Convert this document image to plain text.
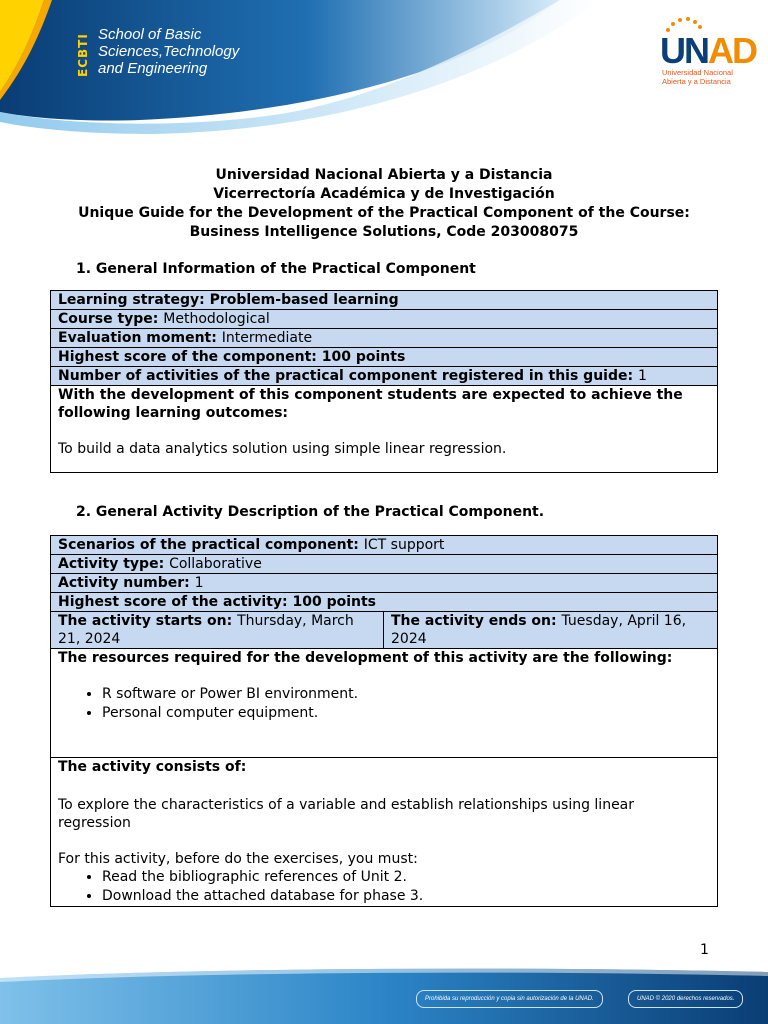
ECBTI School of Basic
Sciences,Technology
and Engineering	UNAD
Universidad Nacional
Abierta y a Distancia
Universidad Nacional Abierta y a Distancia
Vicerrectoría Académica y de Investigación
Unique Guide for the Development of the Practical Component of the Course:
Business Intelligence Solutions, Code 203008075
1. General Information of the Practical Component
Learning strategy: Problem-based learning
Course type: Methodological
Evaluation moment: Intermediate
Highest score of the component: 100 points
Number of activities of the practical component registered in this guide: 1

With the development of this component students are expected to achieve the following learning outcomes:
To build a data analytics solution using simple linear regression.
2. General Activity Description of the Practical Component.
Scenarios of the practical component: ICT support
Activity type: Collaborative
Activity number: 1
Highest score of the activity: 100 points
The activity starts on: Thursday, March 21, 2024	The activity ends on: Tuesday, April 16, 2024

The resources required for the development of this activity are the following:
• R software or Power BI environment.
• Personal computer equipment.

The activity consists of:
To explore the characteristics of a variable and establish relationships using linear regression
For this activity, before do the exercises, you must:
• Read the bibliographic references of Unit 2.
• Download the attached database for phase 3.
1
Prohibida su reproducción y copia sin autorización de la UNAD.	UNAD © 2020 derechos reservados.
